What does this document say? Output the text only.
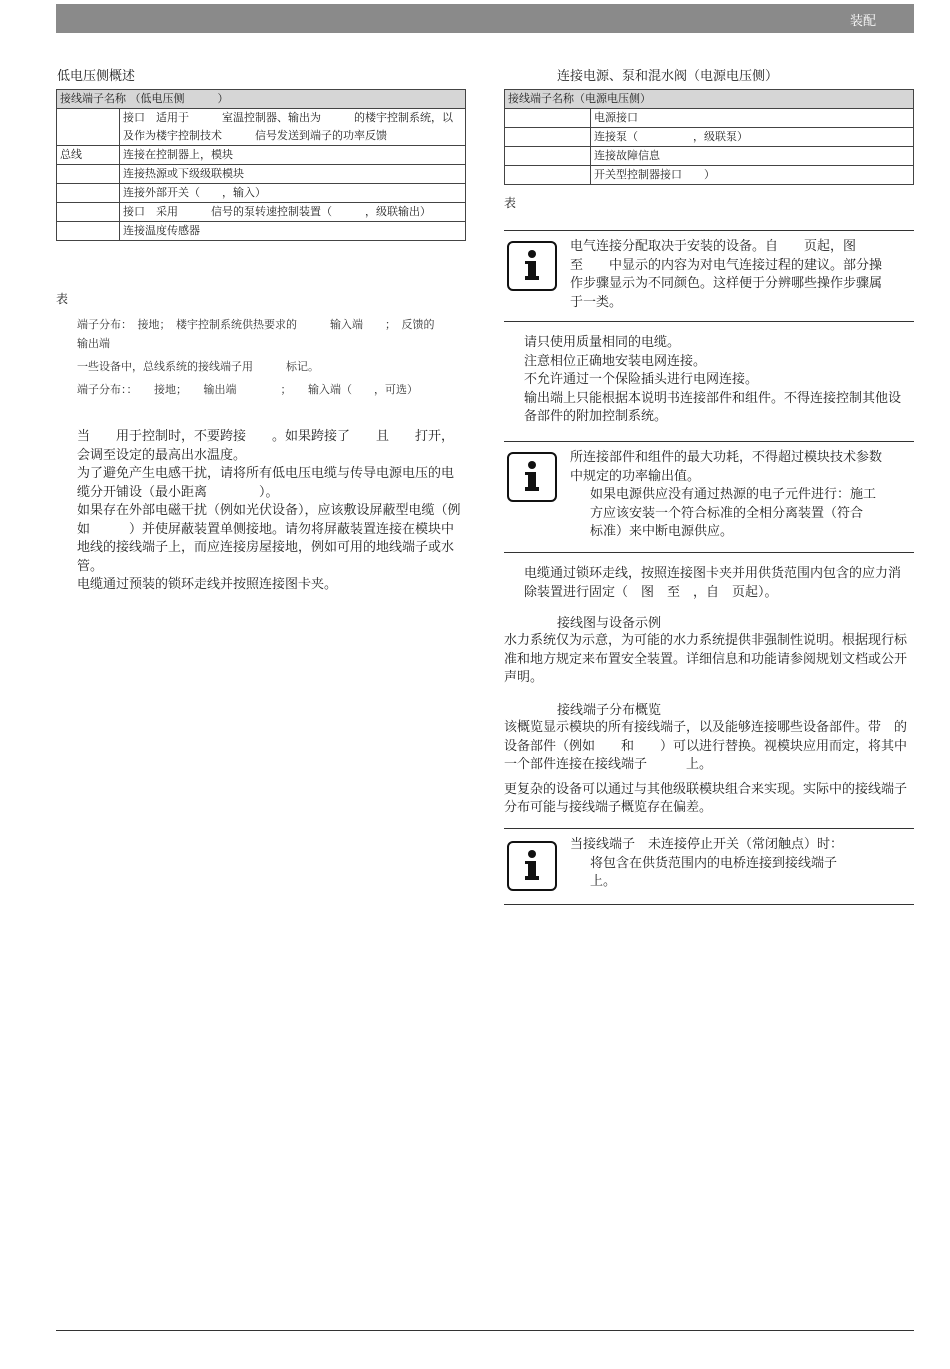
装配
低电压侧概述
接线端子名称 （低电压侧　　　）	
	接口　适用于　　　室温控制器、输出为　　　的楼宇控制系统，以及作为楼宇控制技术　　　信号发送到端子的功率反馈
总线	连接在控制器上，模块
	连接热源或下级级联模块
	连接外部开关（　　，输入）
	接口　采用　　　信号的泵转速控制装置（　　　，级联输出）
	连接温度传感器
表

端子分布：　接地；　楼宇控制系统供热要求的　　　输入端　　；　反馈的　　　输出端

一些设备中，总线系统的接线端子用　　　标记。

端子分布：：　　接地；　　输出端　　　　；　　输入端（　　，可选）

当　　用于控制时，不要跨接　　。如果跨接了　　且　　打开，会调至设定的最高出水温度。

为了避免产生电感干扰，请将所有低电压电缆与传导电源电压的电缆分开铺设（最小距离　　　　）。

如果存在外部电磁干扰（例如光伏设备），应该敷设屏蔽型电缆（例如　　　）并使屏蔽装置单侧接地。请勿将屏蔽装置连接在模块中地线的接线端子上，而应连接房屋接地，例如可用的地线端子或水管。

电缆通过预装的锁环走线并按照连接图卡夹。

连接电源、泵和混水阀（电源电压侧）
接线端子名称（电源电压侧）	
	电源接口
	连接泵（　　　　　，级联泵）
	连接故障信息
	开关型控制器接口　　）
表
电气连接分配取决于安装的设备。自　　页起，图　　至　　中显示的内容为对电气连接过程的建议。部分操作步骤显示为不同颜色。这样便于分辨哪些操作步骤属于一类。

请只使用质量相同的电缆。

注意相位正确地安装电网连接。

不允许通过一个保险插头进行电网连接。

输出端上只能根据本说明书连接部件和组件。不得连接控制其他设备部件的附加控制系统。

所连接部件和组件的最大功耗，不得超过模块技术参数中规定的功率输出值。

如果电源供应没有通过热源的电子元件进行：施工方应该安装一个符合标准的全相分离装置（符合　　　　　标准）来中断电源供应。

电缆通过锁环走线，按照连接图卡夹并用供货范围内包含的应力消除装置进行固定（　图　至　，自　页起）。
接线图与设备示例
水力系统仅为示意，为可能的水力系统提供非强制性说明。根据现行标准和地方规定来布置安全装置。详细信息和功能请参阅规划文档或公开声明。
接线端子分布概览

该概览显示模块的所有接线端子，以及能够连接哪些设备部件。带　的设备部件（例如　　和　　）可以进行替换。视模块应用而定，将其中一个部件连接在接线端子　　　上。

更复杂的设备可以通过与其他级联模块组合来实现。实际中的接线端子分布可能与接线端子概览存在偏差。

当接线端子　未连接停止开关（常闭触点）时：

将包含在供货范围内的电桥连接到接线端子　　上。
